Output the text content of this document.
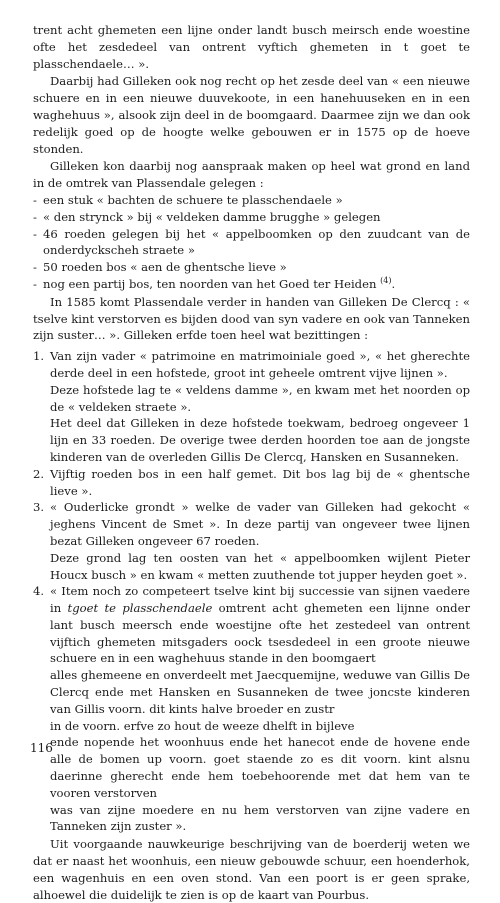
trent acht ghemeten een lijne onder landt busch meirsch ende woestine ofte het zesdedeel van ontrent vyftich ghemeten in t goet te plasschendaele… ».

Daarbij had Gilleken ook nog recht op het zesde deel van « een nieuwe schuere en in een nieuwe duuvekoote, in een hanehuuseken en in een waghehuus », alsook zijn deel in de boomgaard. Daarmee zijn we dan ook redelijk goed op de hoogte welke gebouwen er in 1575 op de hoeve stonden.

Gilleken kon daarbij nog aanspraak maken op heel wat grond en land in de omtrek van Plassendale gelegen :

- een stuk « bachten de schuere te plasschendaele »
- « den strynck » bij « veldeken damme brugghe » gelegen
- 46 roeden gelegen bij het « appelboomken op den zuudcant van de onderdyckscheh straete »
- 50 roeden bos « aen de ghentsche lieve »
- nog een partij bos, ten noorden van het Goed ter Heiden $^{(4)}$.

In 1585 komt Plassendale verder in handen van Gilleken De Clercq : « tselve kint verstorven es bijden dood van syn vadere en ook van Tanneken zijn suster… ». Gilleken erfde toen heel wat bezittingen :

1. Van zijn vader « patrimoine en matrimoiniale goed », « het gherechte derde deel in een hofstede, groot int geheele omtrent vijve lijnen ».

Deze hofstede lag te « veldens damme », en kwam met het noorden op de « veldeken straete ».

Het deel dat Gilleken in deze hofstede toekwam, bedroeg ongeveer 1 lijn en 33 roeden. De overige twee derden hoorden toe aan de jongste kinderen van de overleden Gillis De Clercq, Hansken en Susanneken.

2. Vijftig roeden bos in een half gemet. Dit bos lag bij de « ghentsche lieve ».

3. « Ouderlicke grondt » welke de vader van Gilleken had gekocht « jeghens Vincent de Smet ». In deze partij van ongeveer twee lijnen bezat Gilleken ongeveer 67 roeden.

Deze grond lag ten oosten van het « appelboomken wijlent Pieter Houcx busch » en kwam « metten zuuthende tot jupper heyden goet ».

4. « Item noch zo competeert tselve kint bij successie van sijnen vaedere in tgoet te plasschendaele omtrent acht ghemeten een lijnne onder lant busch meersch ende woestijne ofte het zestedeel van ontrent vijftich ghemeten mitsgaders oock tsesdedeel in een groote nieuwe schuere en in een waghehuus standе in den boomgaert

alles ghemeene en onverdeelt met Jaecquemijne, weduwe van Gillis De Clercq ende met Hansken en Susanneken de twee joncste kinderen van Gillis voorn. dit kints halve broeder en zustr

in de voorn. erfve zo hout de weeze dhelft in bijleve

ende nopende het woonhuus ende het hanecot ende de hovene ende alle de bomen up voorn. goet staende zo es dit voorn. kint alsnu daerinne gherecht ende hem toebehoorende met dat hem van te vooren verstorven

was van zijne moedere en nu hem verstorven van zijne vadere en Tanneken zijn zuster ».

Uit voorgaande nauwkeurige beschrijving van de boerderij weten we dat er naast het woonhuis, een nieuw gebouwde schuur, een hoenderhok, een wagenhuis en een oven stond. Van een poort is er geen sprake, alhoewel die duidelijk te zien is op de kaart van Pourbus.

116
